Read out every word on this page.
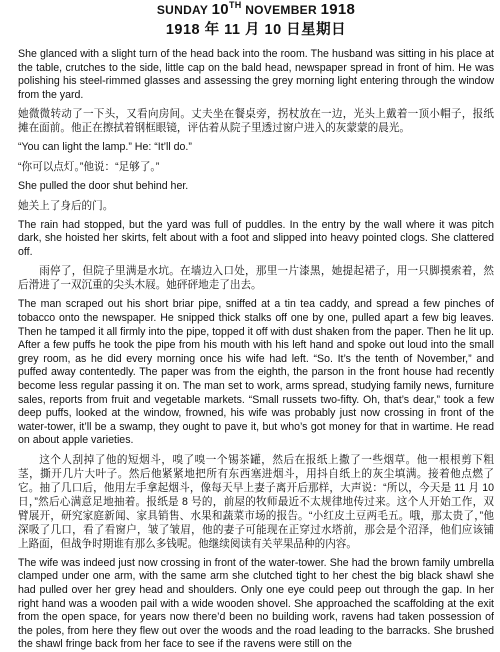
SUNDAY 10TH NOVEMBER 1918
1918 年 11 月 10 日星期日

She glanced with a slight turn of the head back into the room. The husband was sitting in his place at the table, crutches to the side, little cap on the bald head, newspaper spread in front of him. He was polishing his steel-rimmed glasses and assessing the grey morning light entering through the window from the yard.

她微微转动了一下头，又看向房间。丈夫坐在餐桌旁，拐杖放在一边，光头上戴着一顶小帽子，报纸摊在面前。他正在擦拭着钢框眼镜，评估着从院子里透过窗户进入的灰蒙蒙的晨光。

“You can light the lamp.” He: “It’ll do.”

“你可以点灯。”他说：“足够了。”

She pulled the door shut behind her.

她关上了身后的门。

The rain had stopped, but the yard was full of puddles. In the entry by the wall where it was pitch dark, she hoisted her skirts, felt about with a foot and slipped into heavy pointed clogs. She clattered off.

雨停了，但院子里满是水坑。在墙边入口处，那里一片漆黑，她提起裙子，用一只脚摸索着，然后滑进了一双沉重的尖头木屐。她砰砰地走了出去。

The man scraped out his short briar pipe, sniffed at a tin tea caddy, and spread a few pinches of tobacco onto the newspaper. He snipped thick stalks off one by one, pulled apart a few big leaves. Then he tamped it all firmly into the pipe, topped it off with dust shaken from the paper. Then he lit up. After a few puffs he took the pipe from his mouth with his left hand and spoke out loud into the small grey room, as he did every morning once his wife had left. “So. It’s the tenth of November,” and puffed away contentedly. The paper was from the eighth, the parson in the front house had recently become less regular passing it on. The man set to work, arms spread, studying family news, furniture sales, reports from fruit and vegetable markets. “Small russets two-fifty. Oh, that’s dear,” took a few deep puffs, looked at the window, frowned, his wife was probably just now crossing in front of the water-tower, it’ll be a swamp, they ought to pave it, but who’s got money for that in wartime. He read on about apple varieties.

这个人刮掉了他的短烟斗，嗅了嗅一个锡茶罐，然后在报纸上撒了一些烟草。他一根根剪下粗茎，撕开几片大叶子。然后他紧紧地把所有东西塞进烟斗，用抖自纸上的灰尘填满。接着他点燃了它。抽了几口后，他用左手拿起烟斗，像每天早上妻子离开后那样，大声说：“所以，今天是 11 月 10 日，”然后心满意足地抽着。报纸是 8 号的，前屋的牧师最近不太规律地传过来。这个人开始工作，双臂展开，研究家庭新闻、家具销售、水果和蔬菜市场的报告。“小红皮土豆两毛五。哦，那太贵了，”他深吸了几口，看了看窗户，皱了皱眉，他的妻子可能现在正穿过水塔前，那会是个沼泽，他们应该铺上路面，但战争时期谁有那么多钱呢。他继续阅读有关苹果品种的内容。

The wife was indeed just now crossing in front of the water-tower. She had the brown family umbrella clamped under one arm, with the same arm she clutched tight to her chest the big black shawl she had pulled over her grey head and shoulders. Only one eye could peep out through the gap. In her right hand was a wooden pail with a wide wooden shovel. She approached the scaffolding at the exit from the open space, for years now there’d been no building work, ravens had taken possession of the poles, from here they flew out over the woods and the road leading to the barracks. She brushed the shawl fringe back from her face to see if the ravens were still on the
